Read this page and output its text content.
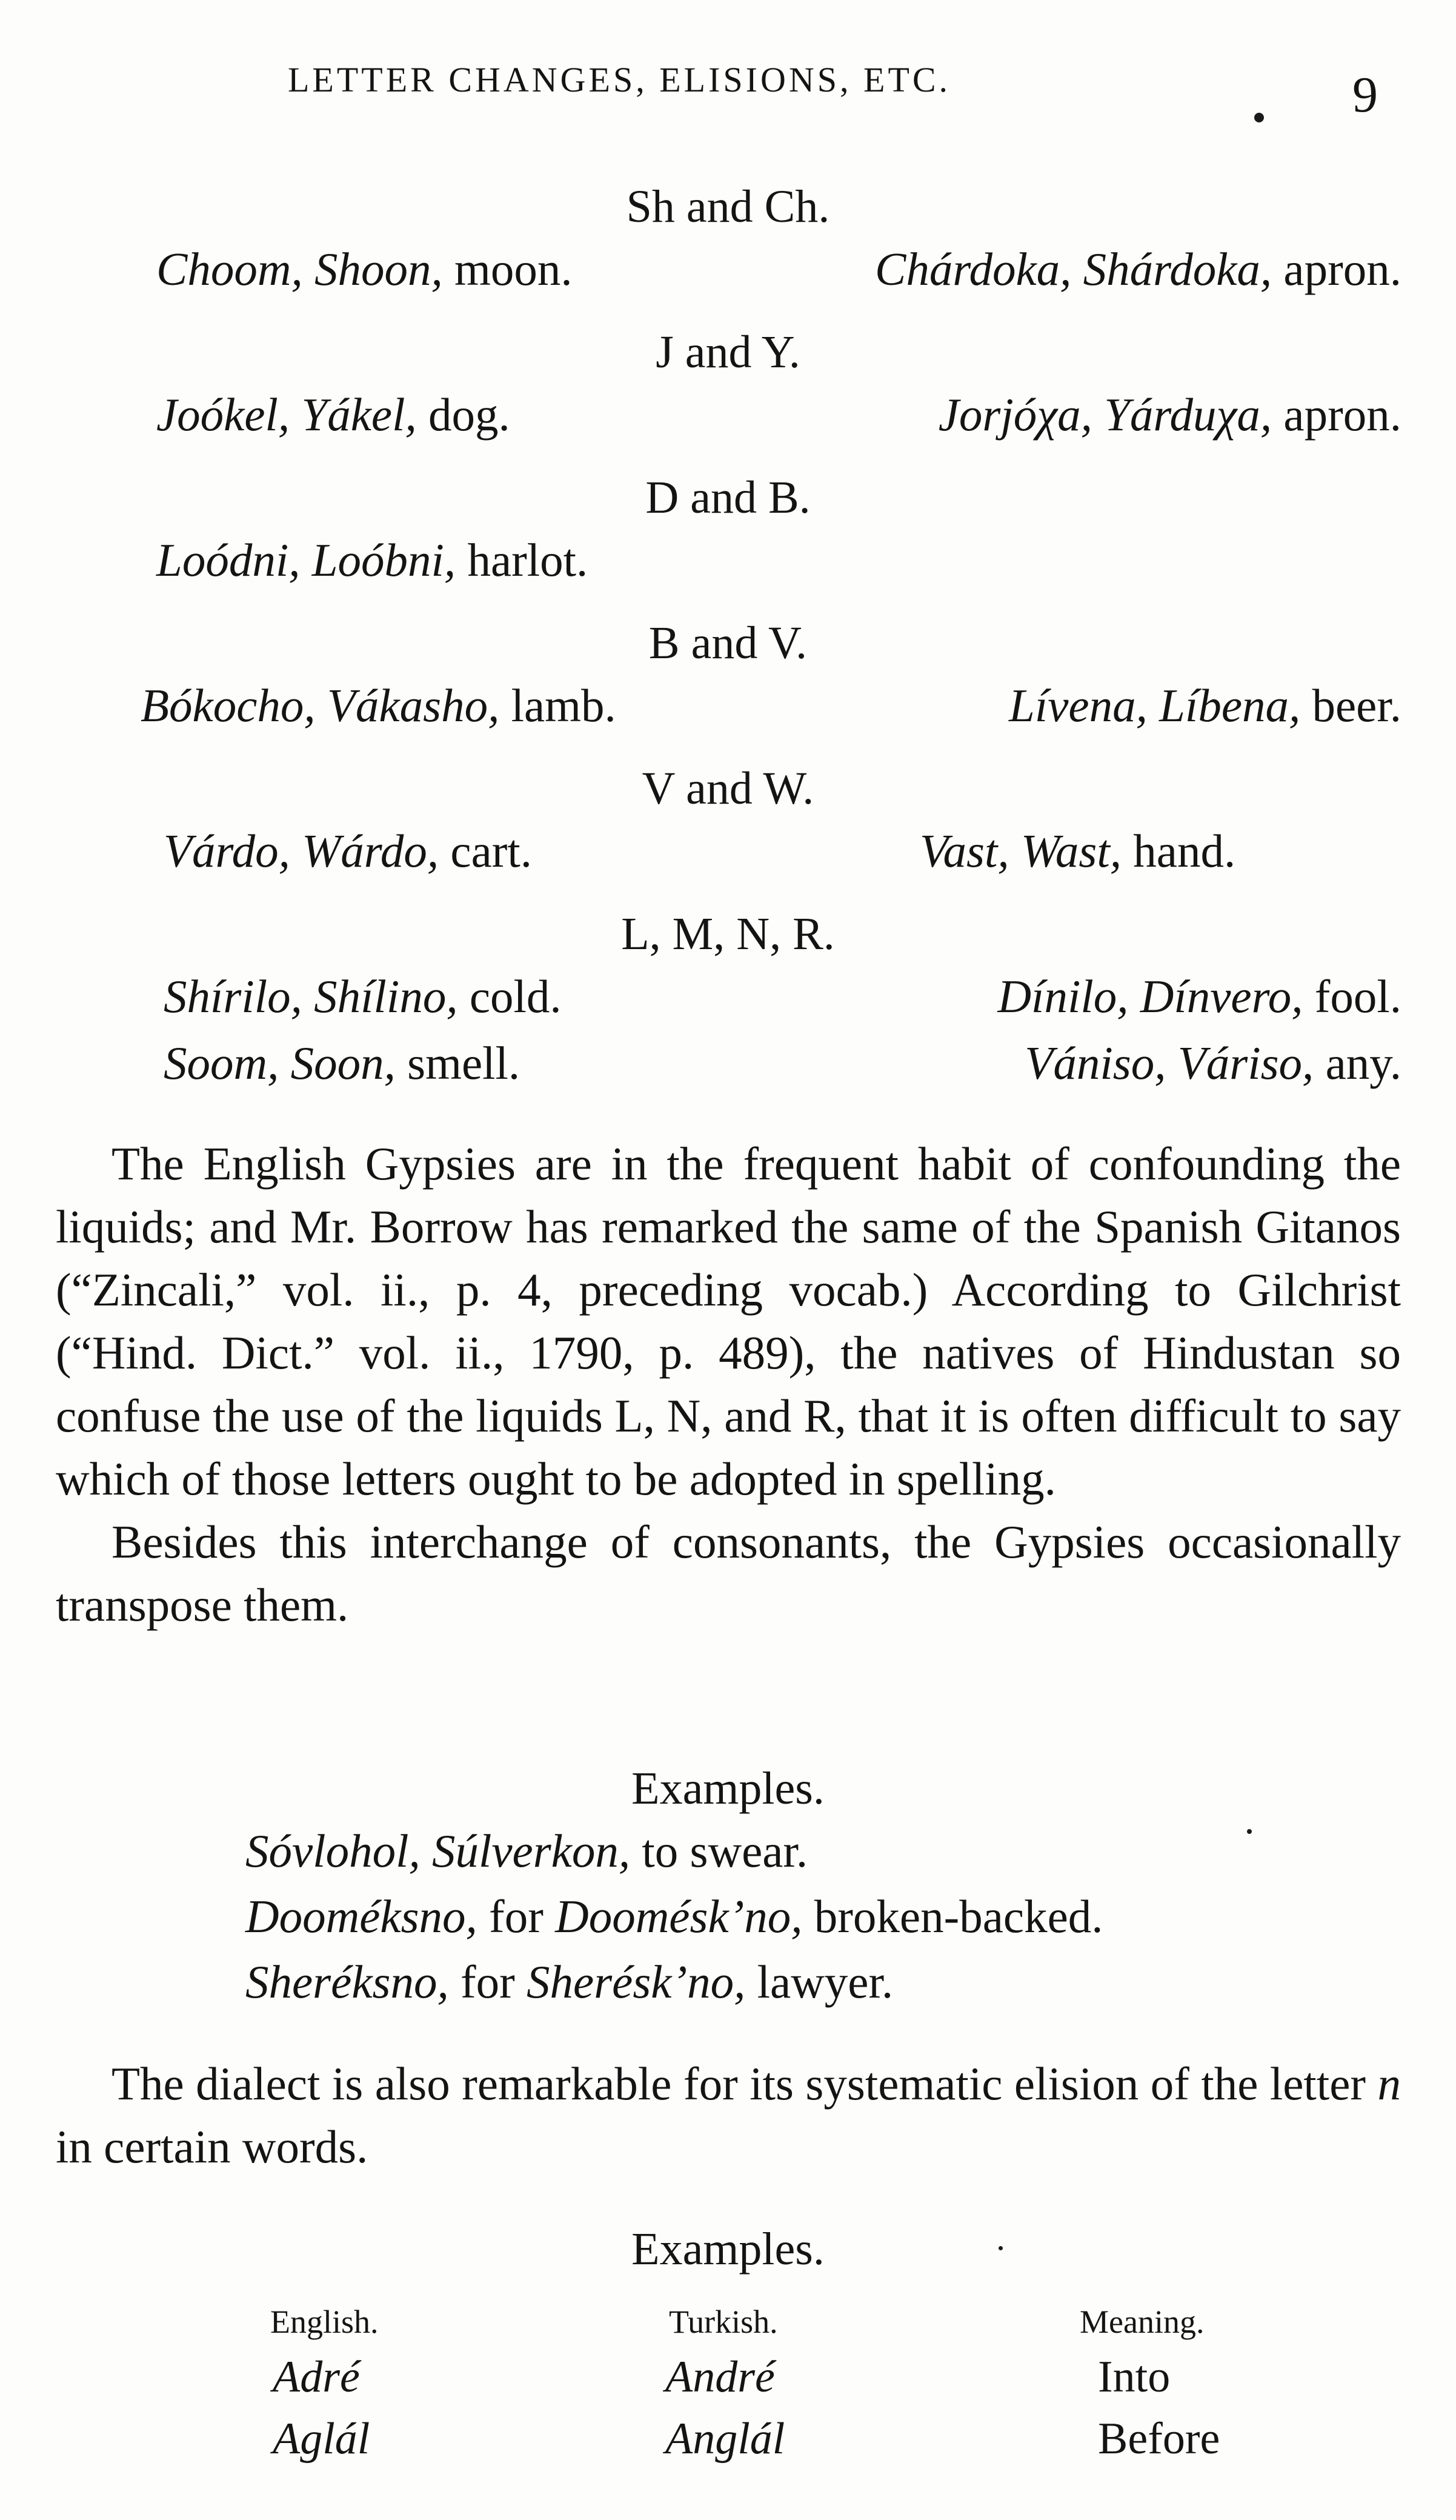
LETTER CHANGES, ELISIONS, ETC.	9
Sh and Ch.
Choom, Shoon, moon.	Chárdoka, Shárdoka, apron.
J and Y.
Joókel, Yákel, dog.	Jorjóχa, Yárduχa, apron.
D and B.
Loódni, Loóbni, harlot.
B and V.
Bókocho, Vákasho, lamb.	Lívena, Líbena, beer.
V and W.
Várdo, Wárdo, cart.	Vast, Wast, hand.
L, M, N, R.
Shírilo, Shílino, cold.	Dínilo, Dínvero, fool.
Soom, Soon, smell.	Vániso, Váriso, any.

The English Gypsies are in the frequent habit of confounding the liquids; and Mr. Borrow has remarked the same of the Spanish Gitanos (“Zincali,” vol. ii., p. 4, preceding vocab.) According to Gilchrist (“Hind. Dict.” vol. ii., 1790, p. 489), the natives of Hindustan so confuse the use of the liquids L, N, and R, that it is often difficult to say which of those letters ought to be adopted in spelling.

Besides this interchange of consonants, the Gypsies occasionally transpose them.

Examples.
Sóvlohol, Súlverkon, to swear.
Dooméksno, for Doomésk’no, broken-backed.
Sheréksno, for Sherésk’no, lawyer.

The dialect is also remarkable for its systematic elision of the letter n in certain words.

Examples.
English.	Turkish.	Meaning.
Adré	André	Into
Aglál	Anglál	Before
